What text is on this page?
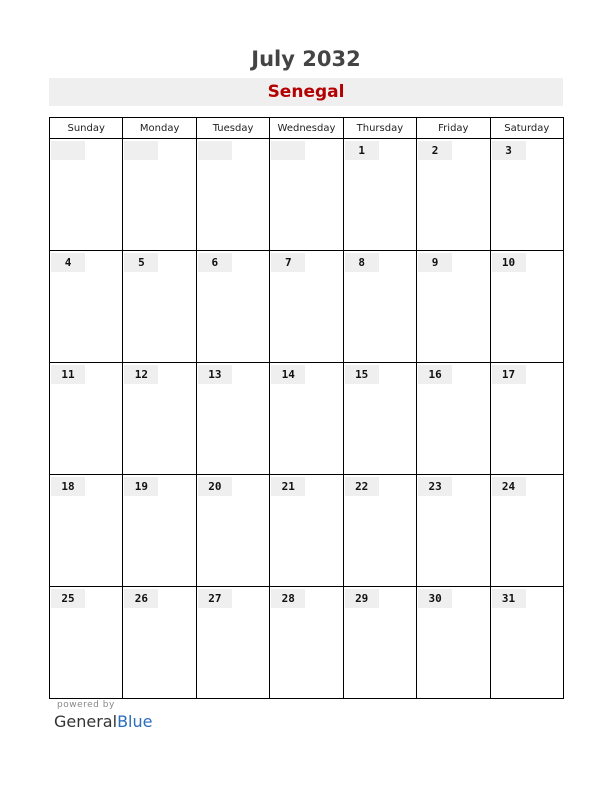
July 2032
Senegal
Sunday	Monday	Tuesday	Wednesday	Thursday	Friday	Saturday

				1	2	3

4	5	6	7	8	9	10

11	12	13	14	15	16	17

18	19	20	21	22	23	24

25	26	27	28	29	30	31
powered by
GeneralBlue
